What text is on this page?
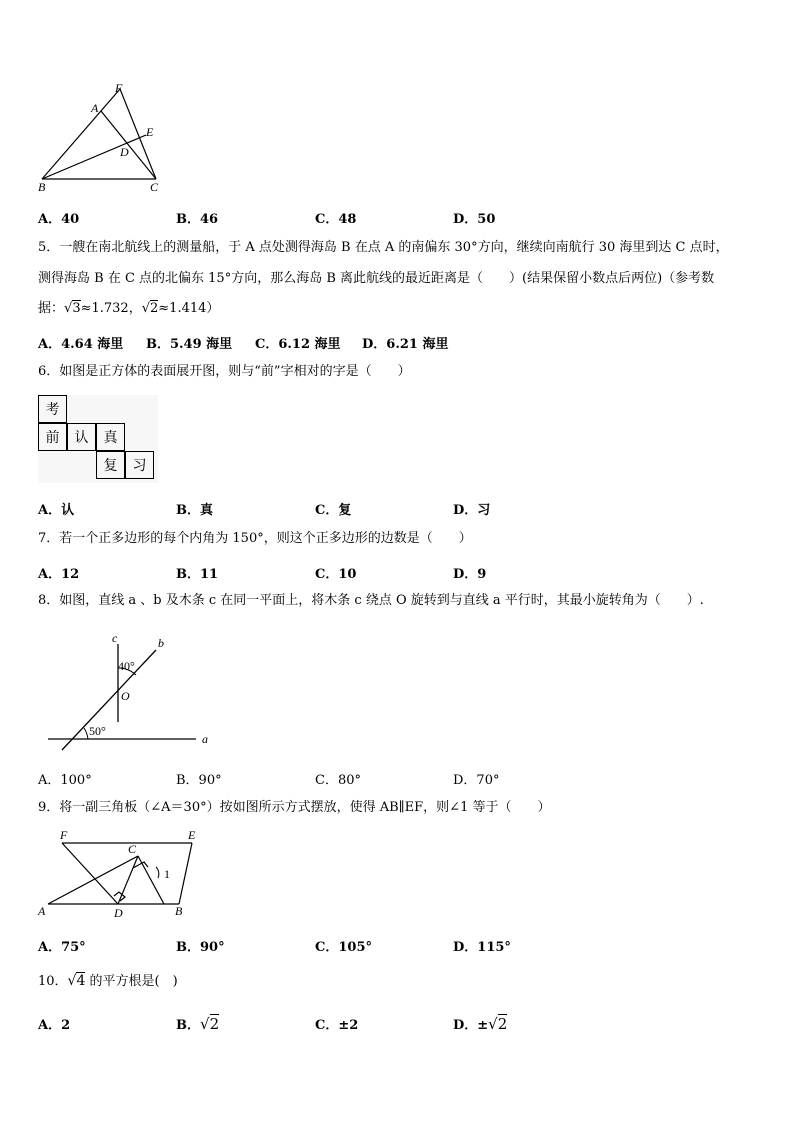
F
A
E
D
B	C
A．40	B．46	C．48	D．50
5．一艘在南北航线上的测量船，于 A 点处测得海岛 B 在点 A 的南偏东 30°方向，继续向南航行 30 海里到达 C 点时，
测得海岛 B 在 C 点的北偏东 15°方向，那么海岛 B 离此航线的最近距离是（　　）(结果保留小数点后两位)（参考数
据：√3≈1.732，√2≈1.414）
A．4.64 海里 B．5.49 海里 C．6.12 海里 D．6.21 海里
6．如图是正方体的表面展开图，则与“前”字相对的字是（　　）
考
前	认	真
复	习
A．认	B．真	C．复	D．习
7．若一个正多边形的每个内角为 150°，则这个正多边形的边数是（　　）
A．12	B．11	C．10	D．9
8．如图，直线 a 、b 及木条 c 在同一平面上，将木条 c 绕点 O 旋转到与直线 a 平行时，其最小旋转角为（　　）.
c	b
40°
O
50°
a
A．100°	B．90°	C．80°	D．70°
9．将一副三角板（∠A＝30°）按如图所示方式摆放，使得 AB∥EF，则∠1 等于（　　）
F	E
C
1
A	D	B
A．75°	B．90°	C．105°	D．115°
10．√4 的平方根是(　)
A．2	B．√2	C．±2	D．±√2
